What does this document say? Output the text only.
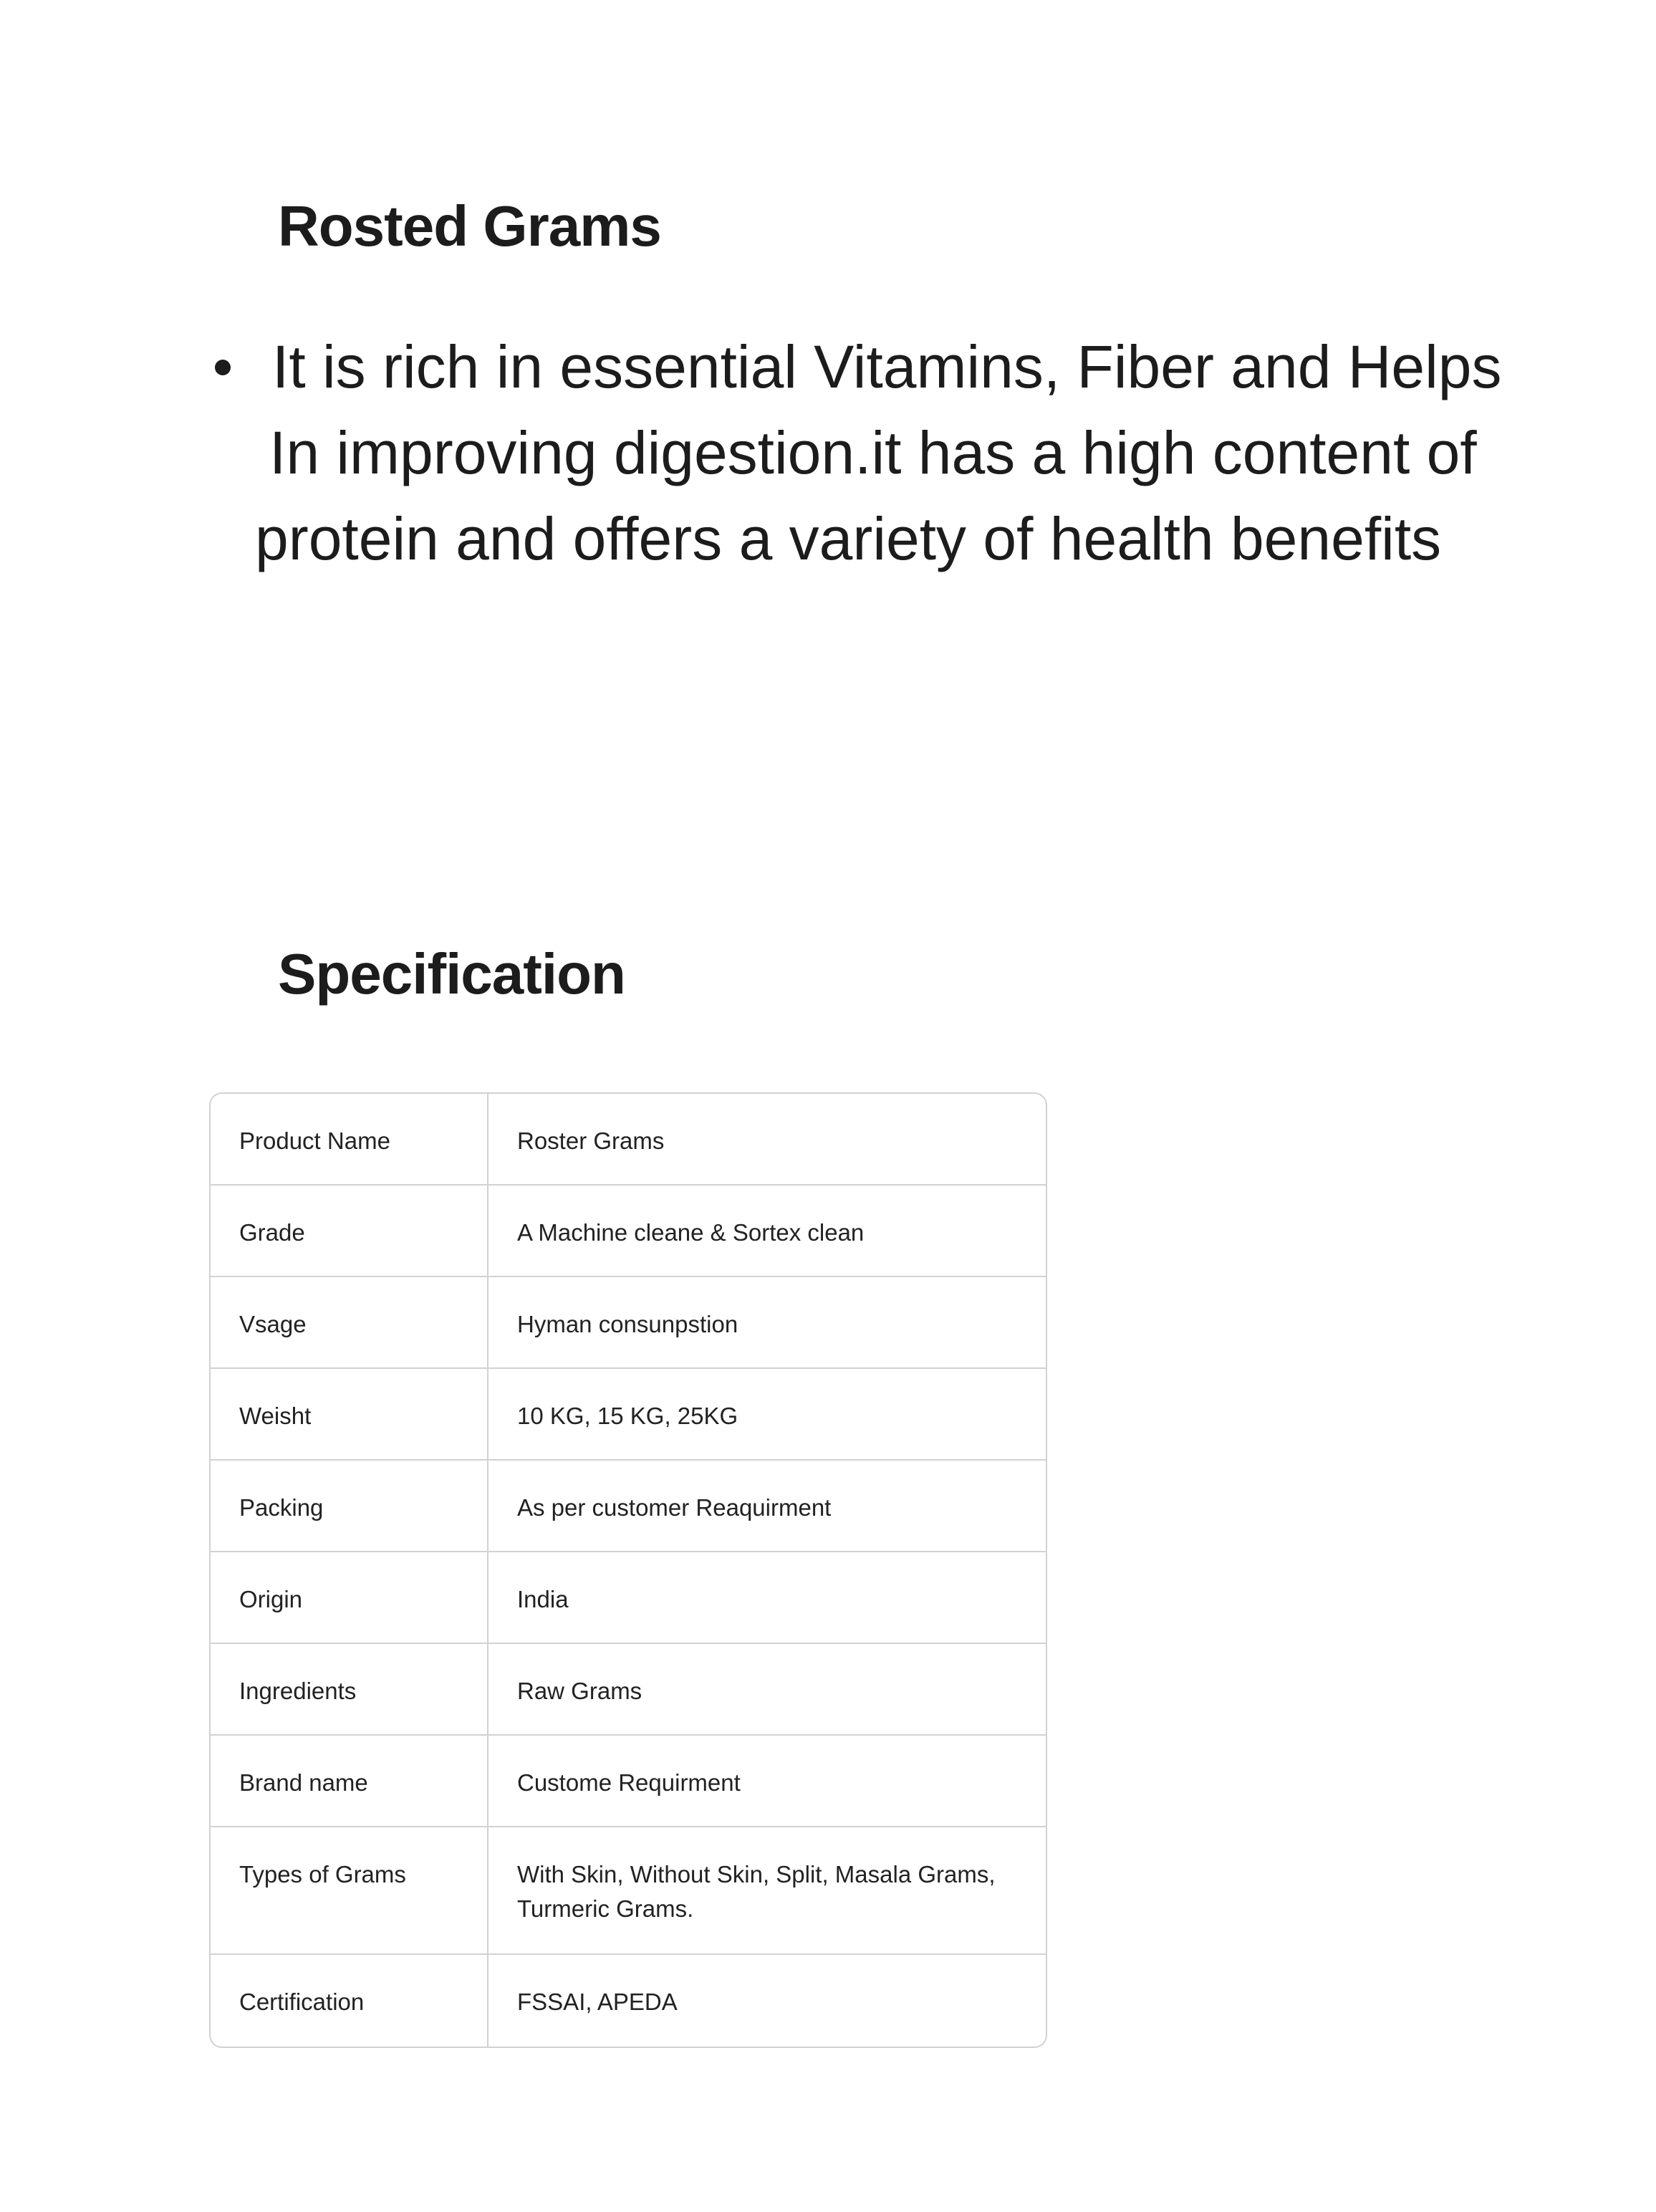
Rosted Grams

It is rich in essential Vitamins, Fiber and Helps

In improving digestion.it has a high content of

protein and offers a variety of health benefits

Specification
Product Name	Roster Grams
Grade	A Machine cleane & Sortex clean
Vsage	Hyman consunpstion
Weisht	10 KG, 15 KG, 25KG
Packing	As per customer Reaquirment
Origin	India
Ingredients	Raw Grams
Brand name	Custome Requirment
Types of Grams	With Skin, Without Skin, Split, Masala Grams, Turmeric Grams.
Certification	FSSAI, APEDA
